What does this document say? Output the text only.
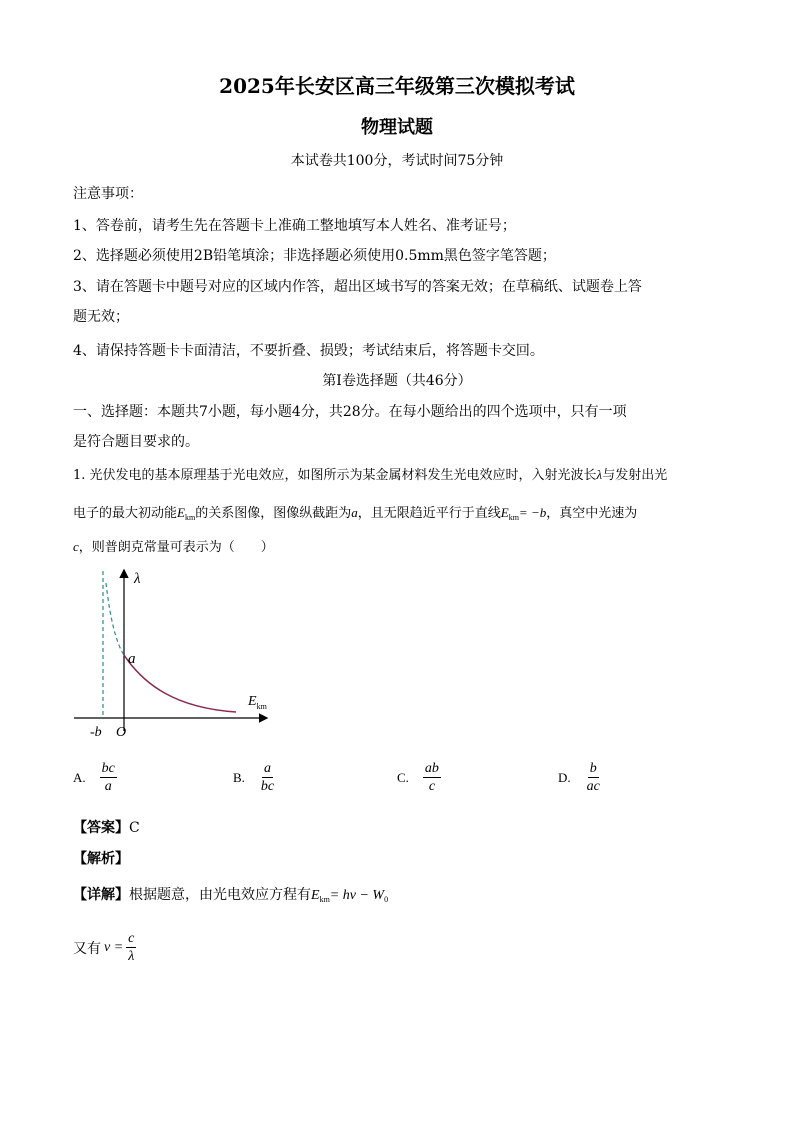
2025年长安区高三年级第三次模拟考试
物理试题
本试卷共100分，考试时间75分钟
注意事项：
1、答卷前，请考生先在答题卡上准确工整地填写本人姓名、准考证号；
2、选择题必须使用2B铅笔填涂；非选择题必须使用0.5mm黑色签字笔答题；
3、请在答题卡中题号对应的区域内作答，超出区域书写的答案无效；在草稿纸、试题卷上答
题无效；
4、请保持答题卡卡面清洁，不要折叠、损毁；考试结束后，将答题卡交回。
第Ⅰ卷选择题（共46分）
一、选择题：本题共7小题，每小题4分，共28分。在每小题给出的四个选项中，只有一项
是符合题目要求的。
1. 光伏发电的基本原理基于光电效应，如图所示为某金属材料发生光电效应时，入射光波长λ与发射出光
电子的最大初动能$E_{km}$的关系图像，图像纵截距为a，且无限趋近平行于直线$E_{km}= -b$，真空中光速为
c，则普朗克常量可表示为（　　）
λ
a
$E_{km}$
-b O
A. $\frac{bc}{a}$	B. $\frac{a}{bc}$	C. $\frac{ab}{c}$	D. $\frac{b}{ac}$
【答案】C
【解析】
【详解】根据题意，由光电效应方程有$E_{km}= h\nu - W_0$
又有 $\nu = \frac{c}{\lambda}$
